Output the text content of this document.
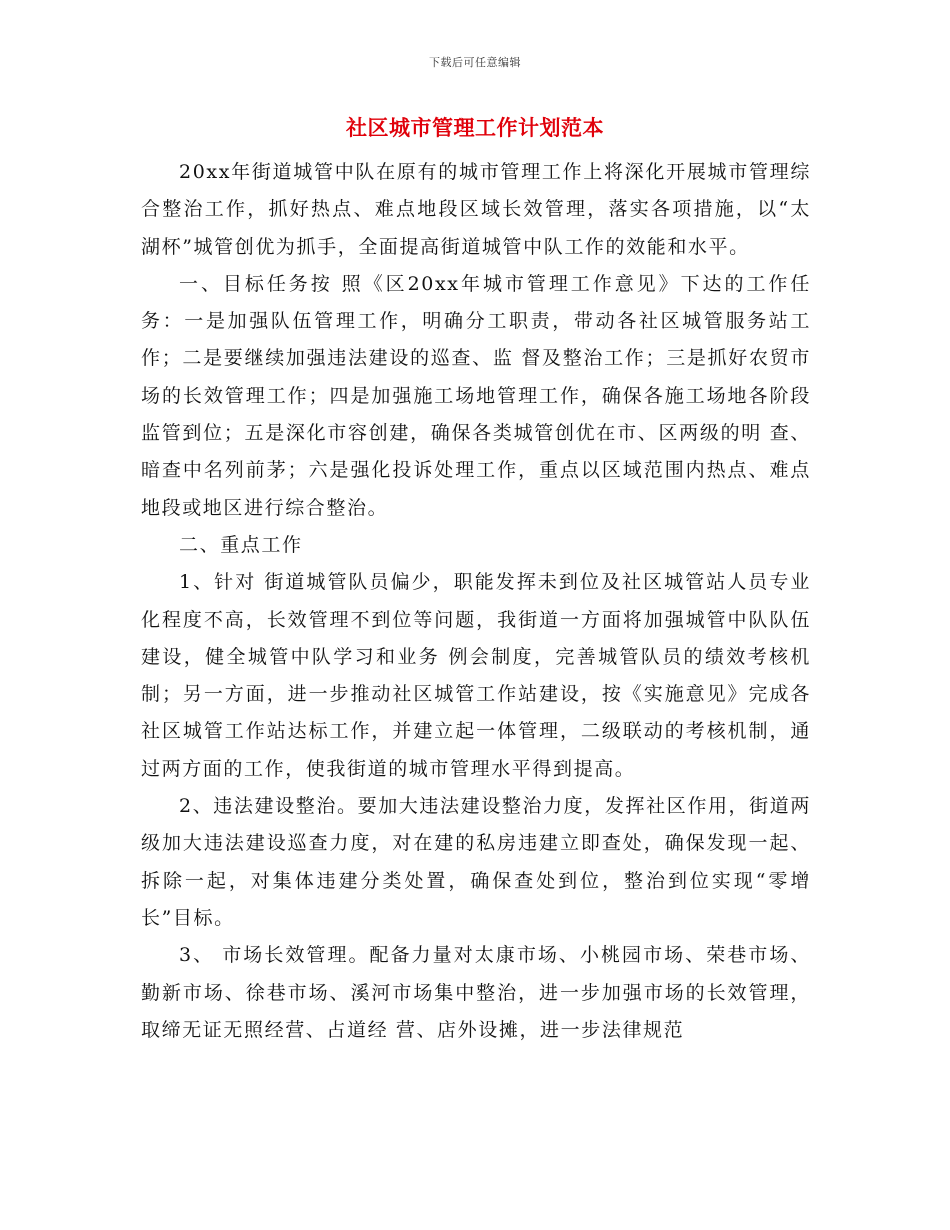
下载后可任意编辑
社区城市管理工作计划范本

20xx年街道城管中队在原有的城市管理工作上将深化开展城市管理综合整治工作，抓好热点、难点地段区域长效管理，落实各项措施，以“太湖杯”城管创优为抓手，全面提高街道城管中队工作的效能和水平。

一、目标任务按 照《区20xx年城市管理工作意见》下达的工作任务：一是加强队伍管理工作，明确分工职责，带动各社区城管服务站工作；二是要继续加强违法建设的巡查、监 督及整治工作；三是抓好农贸市场的长效管理工作；四是加强施工场地管理工作，确保各施工场地各阶段监管到位；五是深化市容创建，确保各类城管创优在市、区两级的明 查、暗查中名列前茅；六是强化投诉处理工作，重点以区域范围内热点、难点地段或地区进行综合整治。

二、重点工作

1、针对 街道城管队员偏少，职能发挥未到位及社区城管站人员专业化程度不高，长效管理不到位等问题，我街道一方面将加强城管中队队伍建设，健全城管中队学习和业务 例会制度，完善城管队员的绩效考核机制；另一方面，进一步推动社区城管工作站建设，按《实施意见》完成各社区城管工作站达标工作，并建立起一体管理，二级联动的考核机制，通过两方面的工作，使我街道的城市管理水平得到提高。

2、违法建设整治。要加大违法建设整治力度，发挥社区作用，街道两级加大违法建设巡查力度，对在建的私房违建立即查处，确保发现一起、拆除一起，对集体违建分类处置，确保查处到位，整治到位实现“零增长”目标。

3、 市场长效管理。配备力量对太康市场、小桃园市场、荣巷市场、勤新市场、徐巷市场、溪河市场集中整治，进一步加强市场的长效管理，取缔无证无照经营、占道经 营、店外设摊，进一步法律规范
